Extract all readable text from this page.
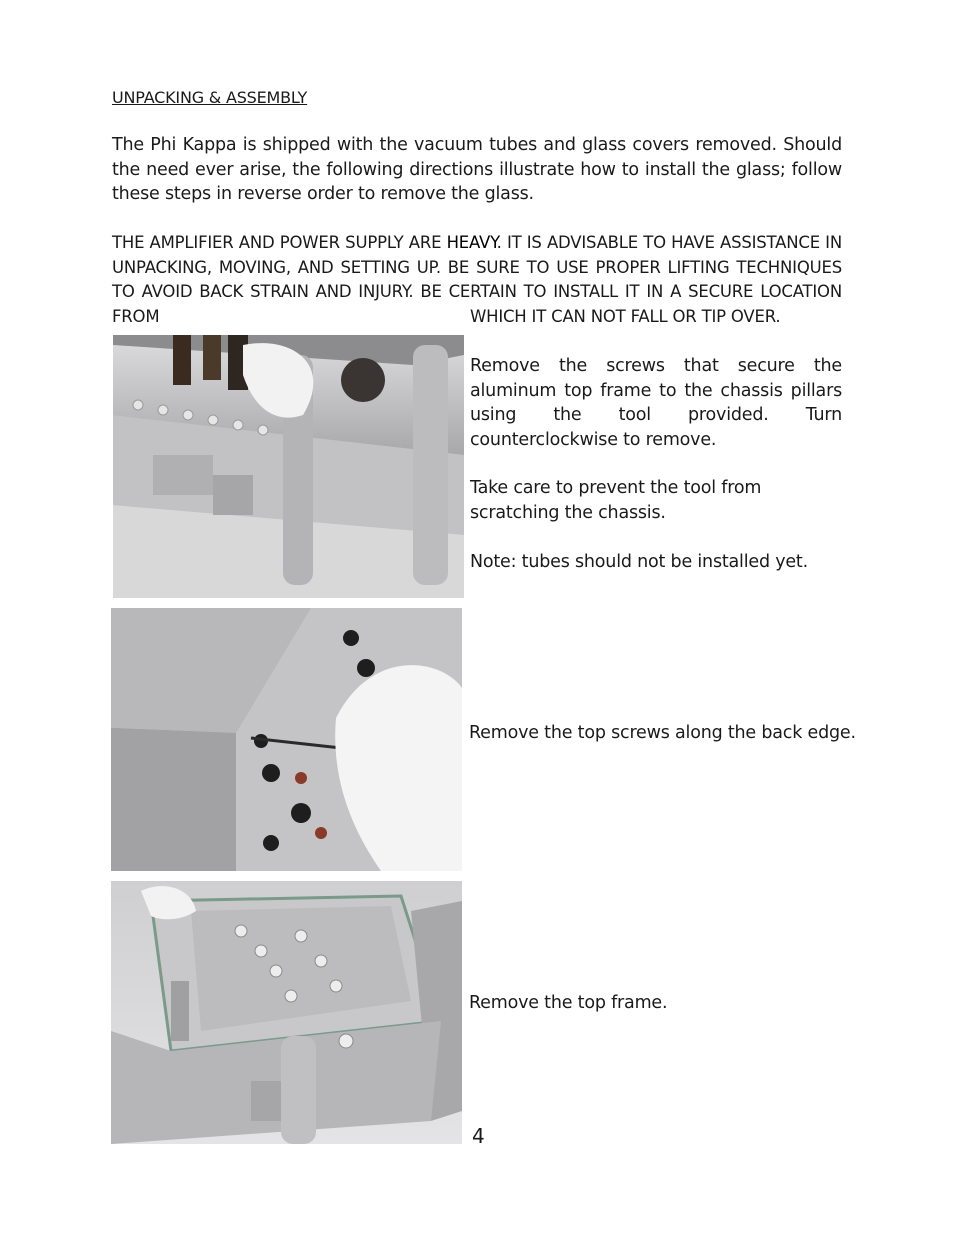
UNPACKING & ASSEMBLY
The Phi Kappa is shipped with the vacuum tubes and glass covers removed. Should the need ever arise, the following directions illustrate how to install the glass; follow these steps in reverse order to remove the glass.
THE AMPLIFIER AND POWER SUPPLY ARE HEAVY. IT IS ADVISABLE TO HAVE ASSISTANCE IN UNPACKING, MOVING, AND SETTING UP. BE SURE TO USE PROPER LIFTING TECHNIQUES TO AVOID BACK STRAIN AND INJURY. BE CERTAIN TO INSTALL IT IN A SECURE LOCATION FROM	WHICH IT CAN NOT FALL OR TIP OVER.
Remove the screws that secure the aluminum top frame to the chassis pillars using the tool provided. Turn counterclockwise to remove.
Take care to prevent the tool from scratching the chassis.
Note: tubes should not be installed yet.
Remove the top screws along the back edge.
Remove the top frame.
4
